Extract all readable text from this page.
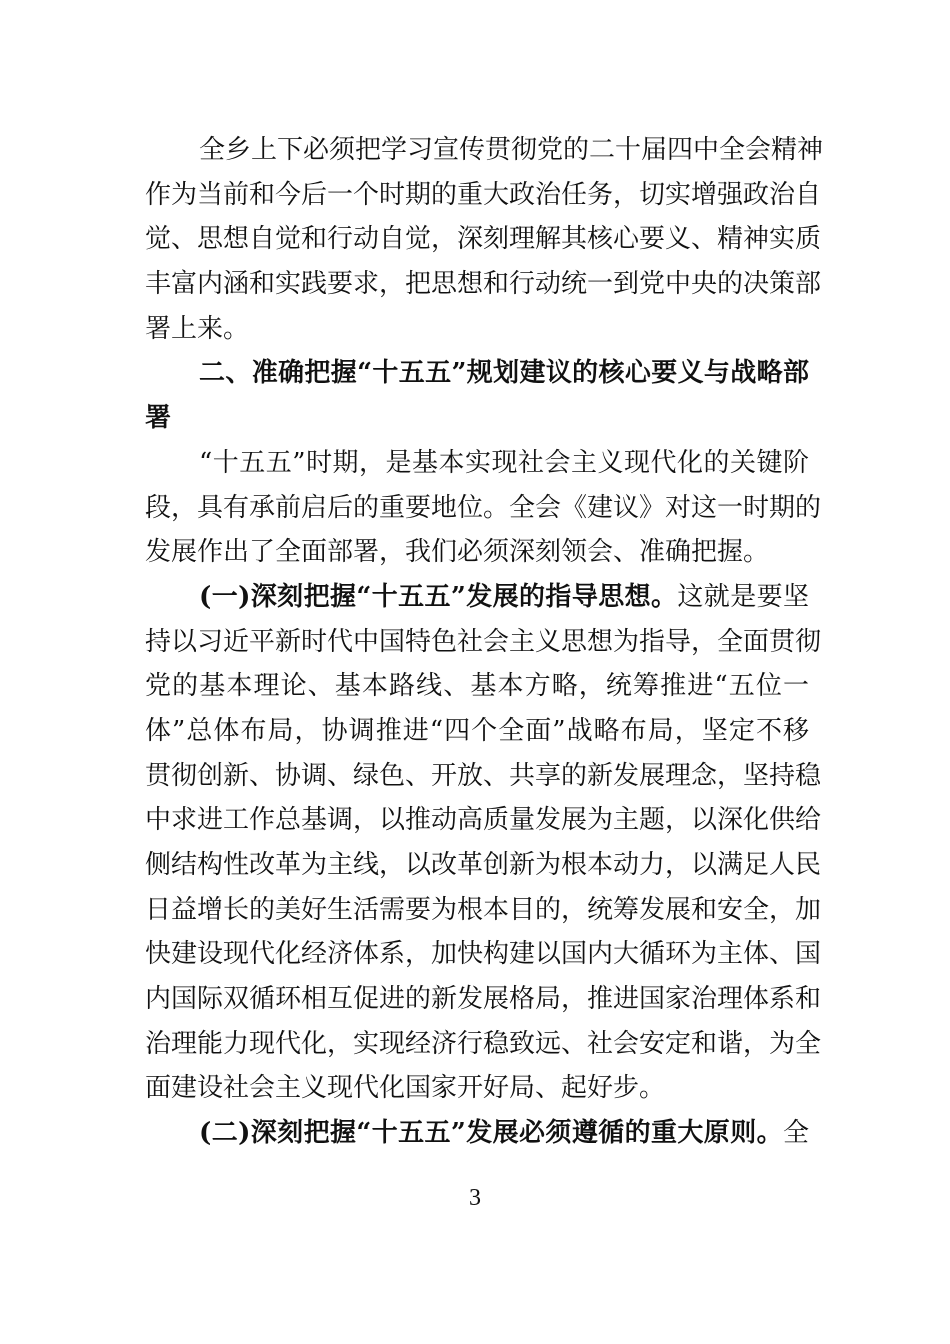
全乡上下必须把学习宣传贯彻党的二十届四中全会精神
作为当前和今后一个时期的重大政治任务，切实增强政治自
觉、思想自觉和行动自觉，深刻理解其核心要义、精神实质
丰富内涵和实践要求，把思想和行动统一到党中央的决策部
署上来。
二、准确把握“十五五”规划建议的核心要义与战略部
署
“十五五”时期，是基本实现社会主义现代化的关键阶
段，具有承前启后的重要地位。全会《建议》对这一时期的
发展作出了全面部署，我们必须深刻领会、准确把握。
(一)深刻把握“十五五”发展的指导思想。这就是要坚
持以习近平新时代中国特色社会主义思想为指导，全面贯彻
党的基本理论、基本路线、基本方略，统筹推进“五位一
体”总体布局，协调推进“四个全面”战略布局，坚定不移
贯彻创新、协调、绿色、开放、共享的新发展理念，坚持稳
中求进工作总基调，以推动高质量发展为主题，以深化供给
侧结构性改革为主线，以改革创新为根本动力，以满足人民
日益增长的美好生活需要为根本目的，统筹发展和安全，加
快建设现代化经济体系，加快构建以国内大循环为主体、国
内国际双循环相互促进的新发展格局，推进国家治理体系和
治理能力现代化，实现经济行稳致远、社会安定和谐，为全
面建设社会主义现代化国家开好局、起好步。
(二)深刻把握“十五五”发展必须遵循的重大原则。全
3
